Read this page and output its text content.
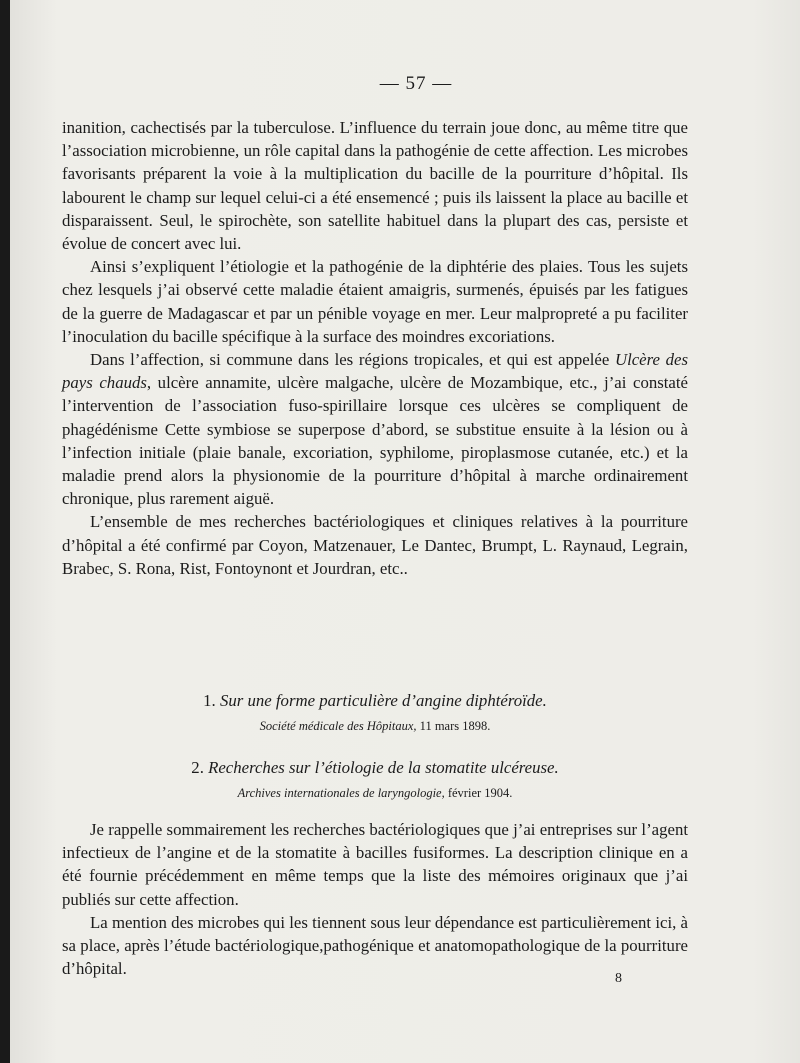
— 57 —

inanition, cachectisés par la tuberculose. L’influence du terrain joue donc, au même titre que l’association microbienne, un rôle capital dans la pathogénie de cette affection. Les microbes favorisants préparent la voie à la multiplication du bacille de la pourriture d’hôpital. Ils labourent le champ sur lequel celui-ci a été ensemencé ; puis ils laissent la place au bacille et disparaissent. Seul, le spirochète, son satellite habituel dans la plupart des cas, persiste et évolue de concert avec lui.

Ainsi s’expliquent l’étiologie et la pathogénie de la diphtérie des plaies. Tous les sujets chez lesquels j’ai observé cette maladie étaient amaigris, surmenés, épuisés par les fatigues de la guerre de Madagascar et par un pénible voyage en mer. Leur malpropreté a pu faciliter l’inoculation du bacille spécifique à la surface des moindres excoriations.

Dans l’affection, si commune dans les régions tropicales, et qui est appelée Ulcère des pays chauds, ulcère annamite, ulcère malgache, ulcère de Mozambique, etc., j’ai constaté l’intervention de l’association fuso-spirillaire lorsque ces ulcères se compliquent de phagédénisme Cette symbiose se superpose d’abord, se substitue ensuite à la lésion ou à l’infection initiale (plaie banale, excoriation, syphilome, piroplasmose cutanée, etc.) et la maladie prend alors la physionomie de la pourriture d’hôpital à marche ordinairement chronique, plus rarement aiguë.

L’ensemble de mes recherches bactériologiques et cliniques relatives à la pourriture d’hôpital a été confirmé par Coyon, Matzenauer, Le Dantec, Brumpt, L. Raynaud, Legrain, Brabec, S. Rona, Rist, Fontoynont et Jourdran, etc..

1. Sur une forme particulière d’angine diphtéroïde.

Société médicale des Hôpitaux, 11 mars 1898.

2. Recherches sur l’étiologie de la stomatite ulcéreuse.

Archives internationales de laryngologie, février 1904.

Je rappelle sommairement les recherches bactériologiques que j’ai entreprises sur l’agent infectieux de l’angine et de la stomatite à bacilles fusiformes. La description clinique en a été fournie précédemment en même temps que la liste des mémoires originaux que j’ai publiés sur cette affection.

La mention des microbes qui les tiennent sous leur dépendance est particulièrement ici, à sa place, après l’étude bactériologique,pathogénique et anatomopathologique de la pourriture d’hôpital.

8
